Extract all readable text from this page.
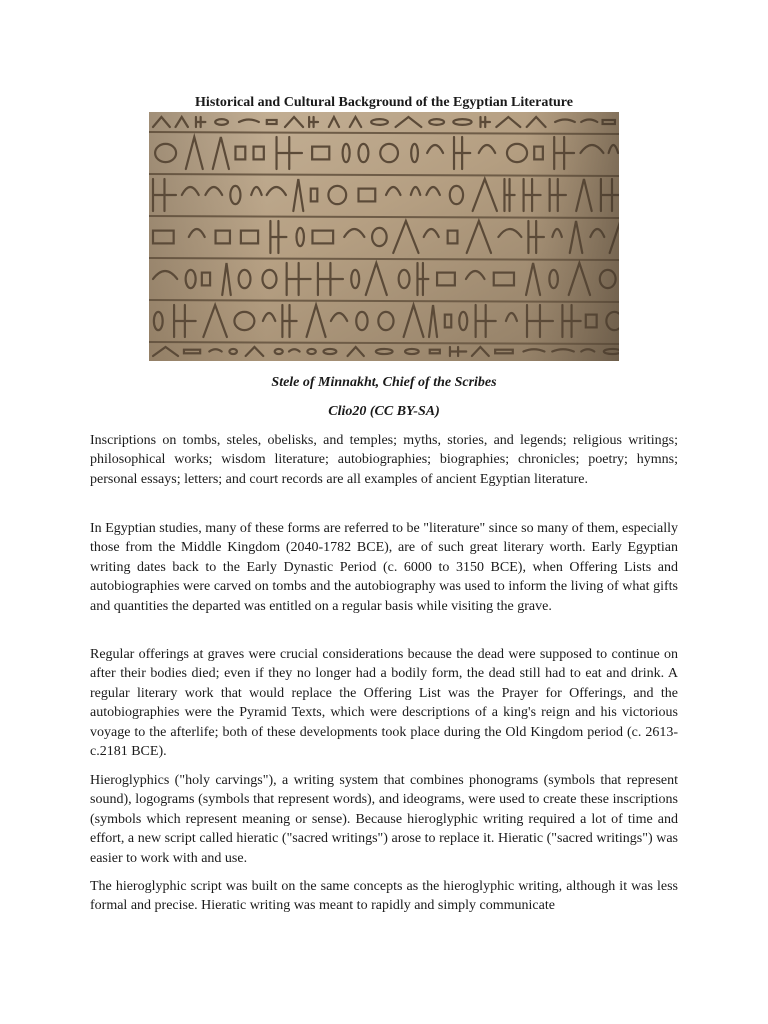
Historical and Cultural Background of the Egyptian Literature
Stele of Minnakht, Chief of the Scribes
Clio20 (CC BY-SA)

Inscriptions on tombs, steles, obelisks, and temples; myths, stories, and legends; religious writings; philosophical works; wisdom literature; autobiographies; biographies; chronicles; poetry; hymns; personal essays; letters; and court records are all examples of ancient Egyptian literature.

In Egyptian studies, many of these forms are referred to be "literature" since so many of them, especially those from the Middle Kingdom (2040-1782 BCE), are of such great literary worth. Early Egyptian writing dates back to the Early Dynastic Period (c. 6000 to 3150 BCE), when Offering Lists and autobiographies were carved on tombs and the autobiography was used to inform the living of what gifts and quantities the departed was entitled on a regular basis while visiting the grave.

Regular offerings at graves were crucial considerations because the dead were supposed to continue on after their bodies died; even if they no longer had a bodily form, the dead still had to eat and drink. A regular literary work that would replace the Offering List was the Prayer for Offerings, and the autobiographies were the Pyramid Texts, which were descriptions of a king's reign and his victorious voyage to the afterlife; both of these developments took place during the Old Kingdom period (c. 2613-c.2181 BCE).

Hieroglyphics ("holy carvings"), a writing system that combines phonograms (symbols that represent sound), logograms (symbols that represent words), and ideograms, were used to create these inscriptions (symbols which represent meaning or sense). Because hieroglyphic writing required a lot of time and effort, a new script called hieratic ("sacred writings") arose to replace it. Hieratic ("sacred writings") was easier to work with and use.

The hieroglyphic script was built on the same concepts as the hieroglyphic writing, although it was less formal and precise. Hieratic writing was meant to rapidly and simply communicate
